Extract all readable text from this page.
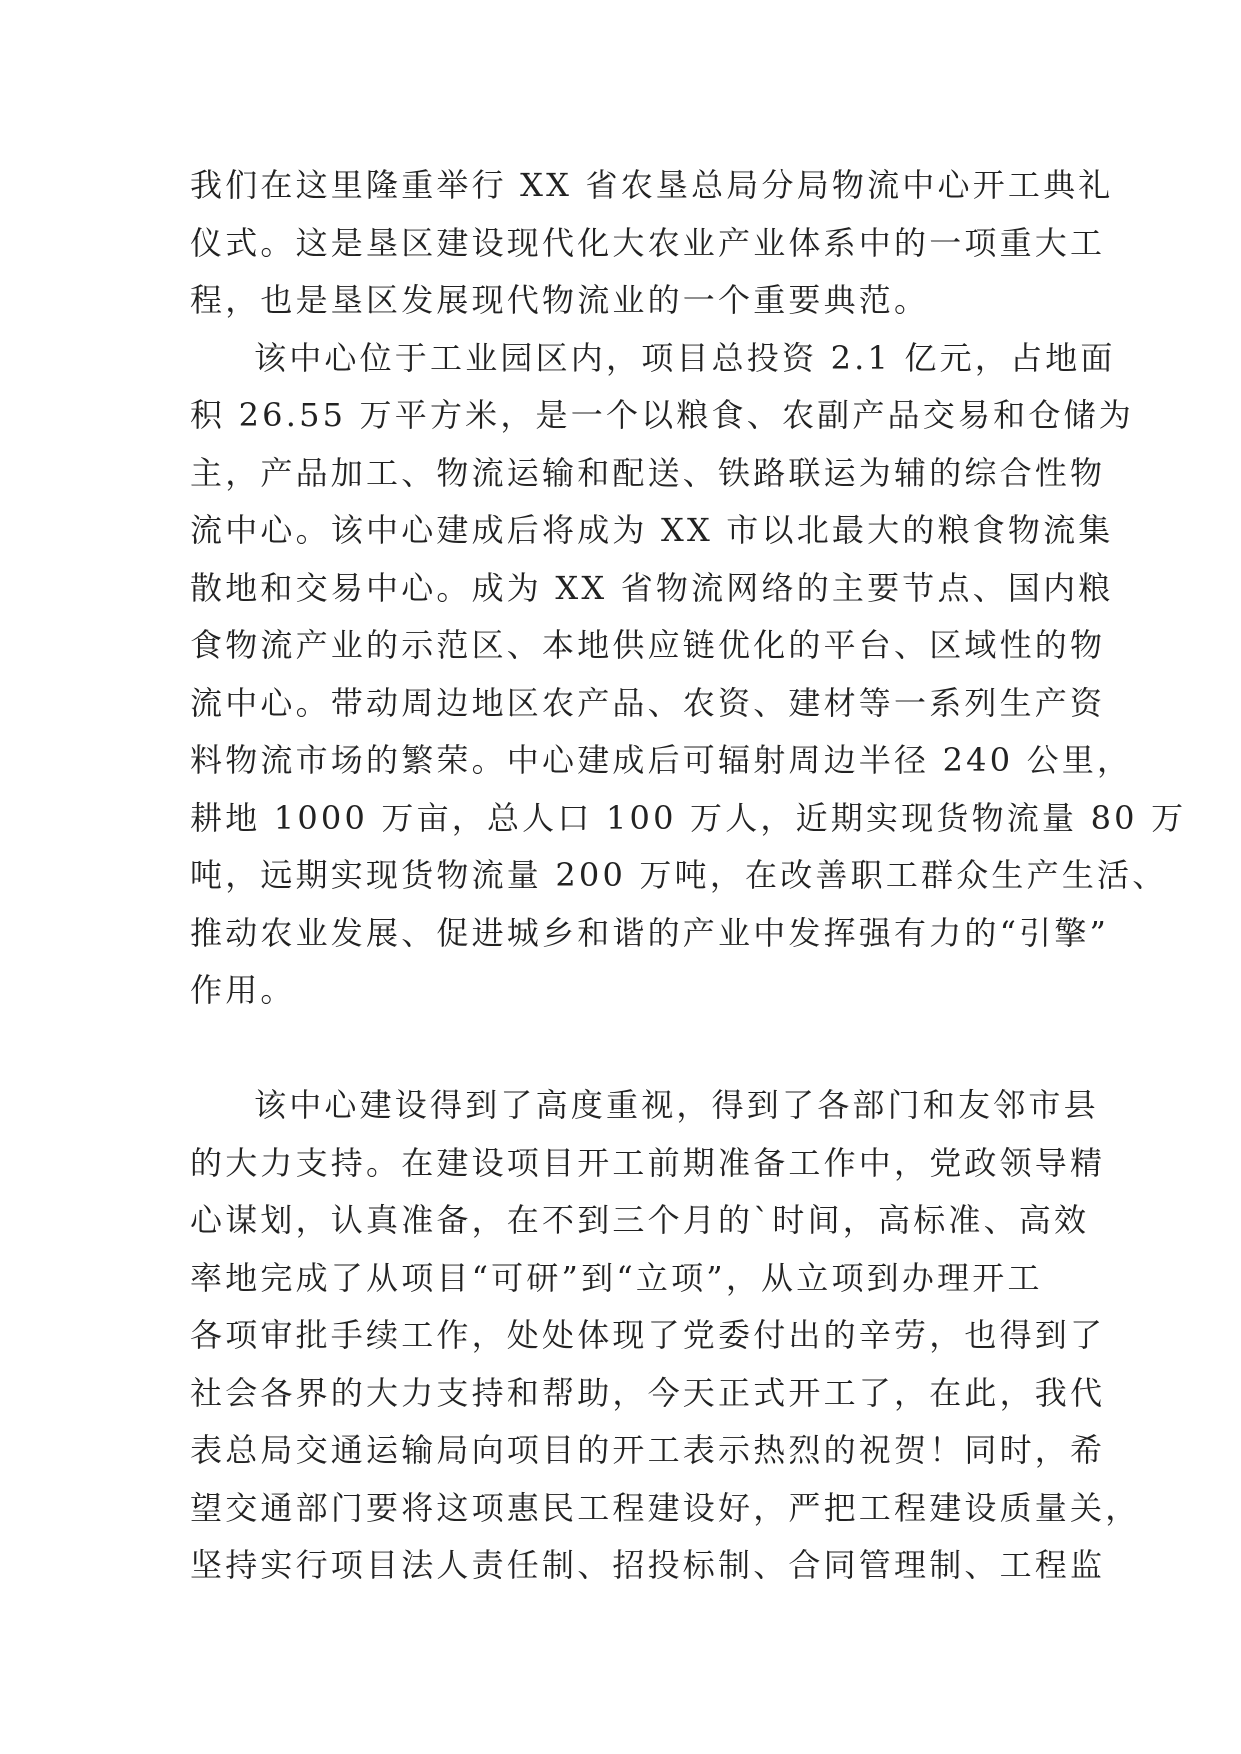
我们在这里隆重举行 XX 省农垦总局分局物流中心开工典礼
仪式。这是垦区建设现代化大农业产业体系中的一项重大工
程，也是垦区发展现代物流业的一个重要典范。
该中心位于工业园区内，项目总投资 2.1 亿元，占地面
积 26.55 万平方米，是一个以粮食、农副产品交易和仓储为
主，产品加工、物流运输和配送、铁路联运为辅的综合性物
流中心。该中心建成后将成为 XX 市以北最大的粮食物流集
散地和交易中心。成为 XX 省物流网络的主要节点、国内粮
食物流产业的示范区、本地供应链优化的平台、区域性的物
流中心。带动周边地区农产品、农资、建材等一系列生产资
料物流市场的繁荣。中心建成后可辐射周边半径 240 公里，
耕地 1000 万亩，总人口 100 万人，近期实现货物流量 80 万
吨，远期实现货物流量 200 万吨，在改善职工群众生产生活、
推动农业发展、促进城乡和谐的产业中发挥强有力的“引擎”
作用。
该中心建设得到了高度重视，得到了各部门和友邻市县
的大力支持。在建设项目开工前期准备工作中，党政领导精
心谋划，认真准备，在不到三个月的`时间，高标准、高效
率地完成了从项目“可研”到“立项”，从立项到办理开工
各项审批手续工作，处处体现了党委付出的辛劳，也得到了
社会各界的大力支持和帮助，今天正式开工了，在此，我代
表总局交通运输局向项目的开工表示热烈的祝贺！同时，希
望交通部门要将这项惠民工程建设好，严把工程建设质量关，
坚持实行项目法人责任制、招投标制、合同管理制、工程监
